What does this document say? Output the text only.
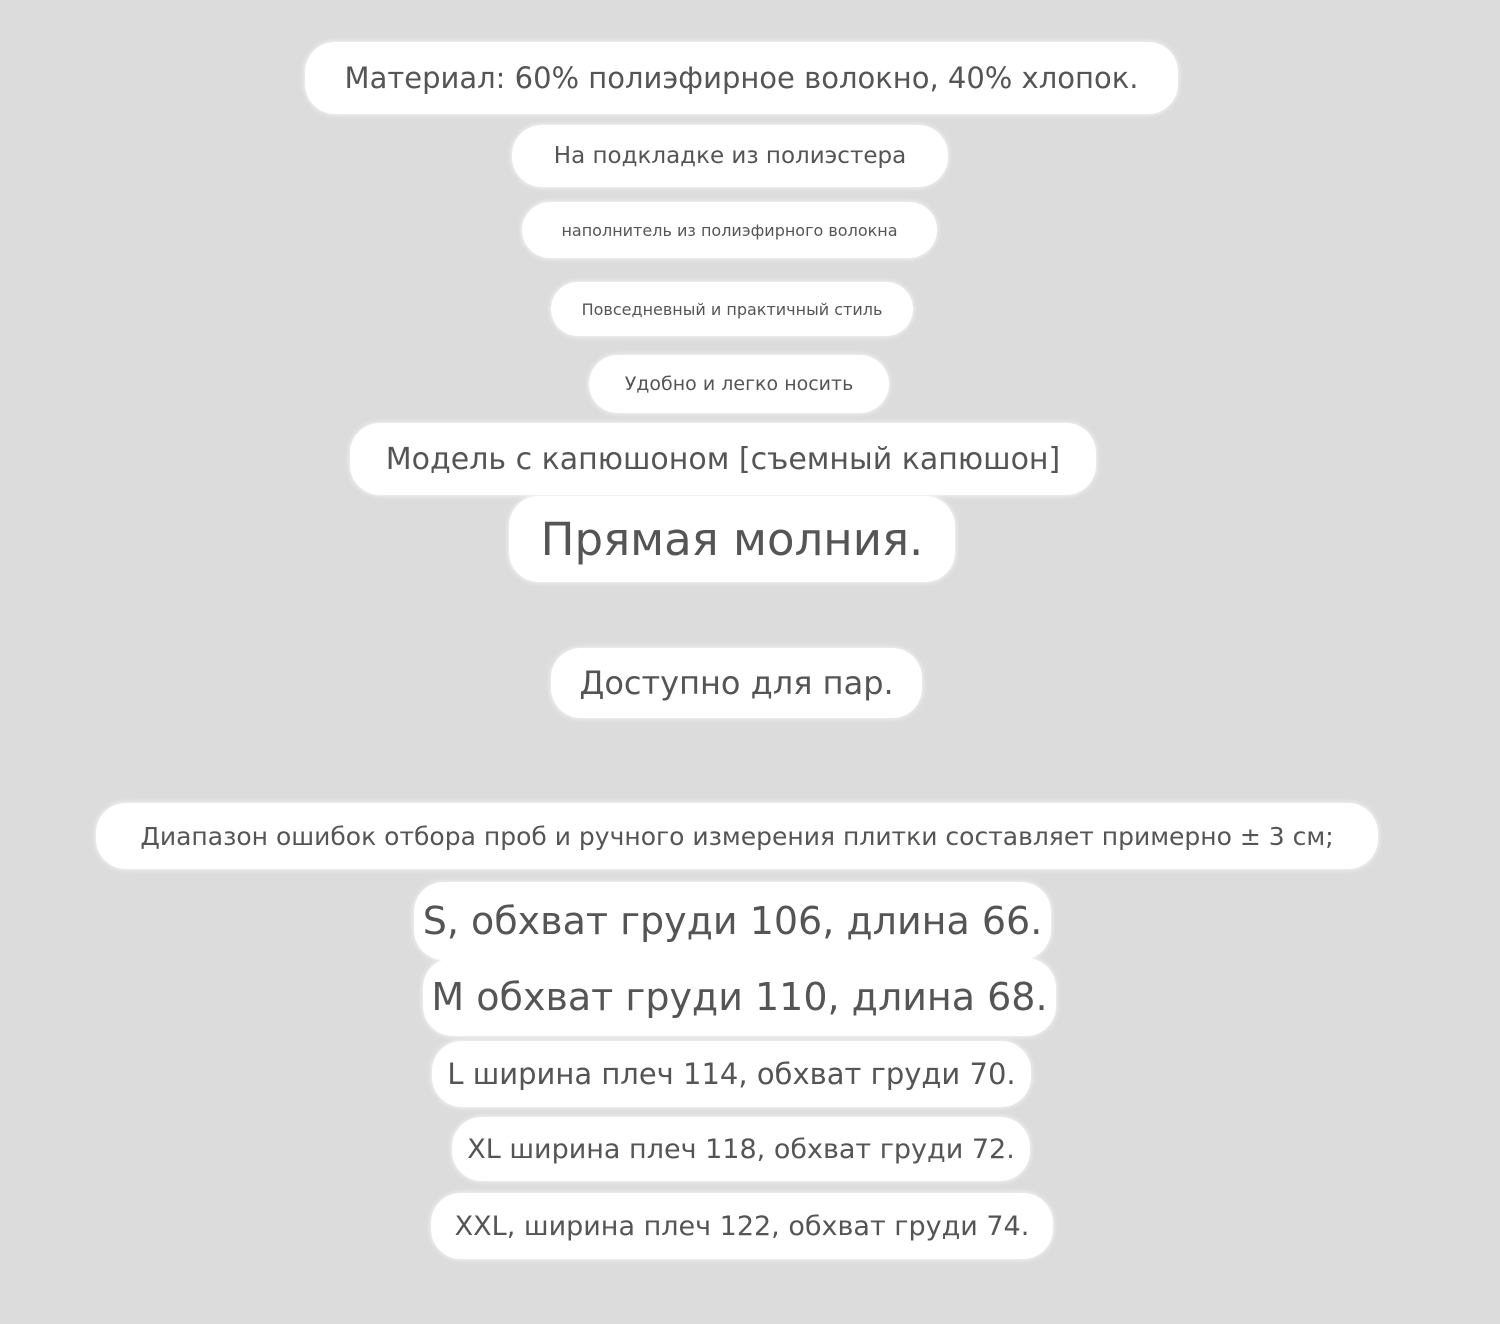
Материал: 60% полиэфирное волокно, 40% хлопок.
На подкладке из полиэстера
наполнитель из полиэфирного волокна
Повседневный и практичный стиль
Удобно и легко носить
Модель с капюшоном [съемный капюшон]
Прямая молния.
Доступно для пар.
Диапазон ошибок отбора проб и ручного измерения плитки составляет примерно ± 3 см;
S, обхват груди 106, длина 66.
M обхват груди 110, длина 68.
L ширина плеч 114, обхват груди 70.
XL ширина плеч 118, обхват груди 72.
XXL, ширина плеч 122, обхват груди 74.
